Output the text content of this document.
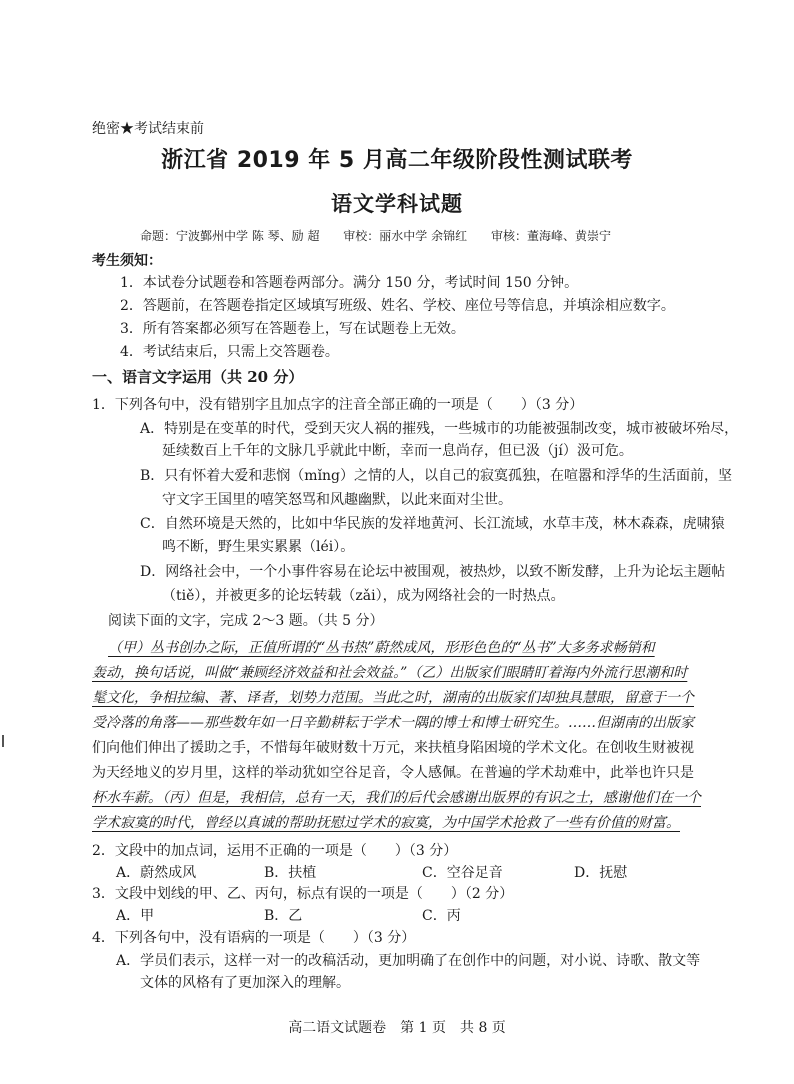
绝密★考试结束前
浙江省 2019 年 5 月高二年级阶段性测试联考
语文学科试题
命题：宁波鄞州中学 陈 琴、励 超 审校：丽水中学 余锦红 审核：董海峰、黄崇宁
考生须知：
1．本试卷分试题卷和答题卷两部分。满分 150 分，考试时间 150 分钟。
2．答题前，在答题卷指定区域填写班级、姓名、学校、座位号等信息，并填涂相应数字。
3．所有答案都必须写在答题卷上，写在试题卷上无效。
4．考试结束后，只需上交答题卷。
一、语言文字运用（共 20 分）
1．下列各句中，没有错别字且加点字的注音全部正确的一项是（　　）（3 分）
A．特别是在变革的时代，受到天灾人祸的摧残，一些城市的功能被强制改变，城市被破坏殆尽，
延续数百上千年的文脉几乎就此中断，幸而一息尚存，但已汲（jí）汲可危。
B．只有怀着大爱和悲悯（mǐng）之情的人，以自己的寂寞孤独，在喧嚣和浮华的生活面前，坚
守文字王国里的嘻笑怒骂和风趣幽默，以此来面对尘世。
C．自然环境是天然的，比如中华民族的发祥地黄河、长江流域，水草丰茂，林木森森，虎啸猿
鸣不断，野生果实累累（léi）。
D．网络社会中，一个小事件容易在论坛中被围观，被热炒，以致不断发酵，上升为论坛主题帖
（tiě），并被更多的论坛转载（zǎi），成为网络社会的一时热点。
阅读下面的文字，完成 2～3 题。（共 5 分）
（甲）丛书创办之际，正值所谓的“丛书热”蔚然成风，形形色色的“丛书”大多务求畅销和
轰动，换句话说，叫做“兼顾经济效益和社会效益。”（乙）出版家们眼睛盯着海内外流行思潮和时
髦文化，争相拉编、著、译者，划势力范围。当此之时，湖南的出版家们却独具慧眼，留意于一个
受冷落的角落——那些数年如一日辛勤耕耘于学术一隅的博士和博士研究生。……但湖南的出版家
们向他们伸出了援助之手，不惜每年破财数十万元，来扶植身陷困境的学术文化。在创收生财被视
为天经地义的岁月里，这样的举动犹如空谷足音，令人感佩。在普遍的学术劫难中，此举也许只是
杯水车薪。（丙）但是，我相信，总有一天，我们的后代会感谢出版界的有识之士，感谢他们在一个
学术寂寞的时代，曾经以真诚的帮助抚慰过学术的寂寞，为中国学术抢救了一些有价值的财富。
2．文段中的加点词，运用不正确的一项是（　　）（3 分）
A．蔚然成风	B．扶植	C．空谷足音	D．抚慰
3．文段中划线的甲、乙、丙句，标点有误的一项是（　　）（2 分）
A．甲	B．乙	C．丙
4．下列各句中，没有语病的一项是（　　）（3 分）
A．学员们表示，这样一对一的改稿活动，更加明确了在创作中的问题，对小说、诗歌、散文等
文体的风格有了更加深入的理解。
高二语文试题卷　第 1 页　共 8 页
